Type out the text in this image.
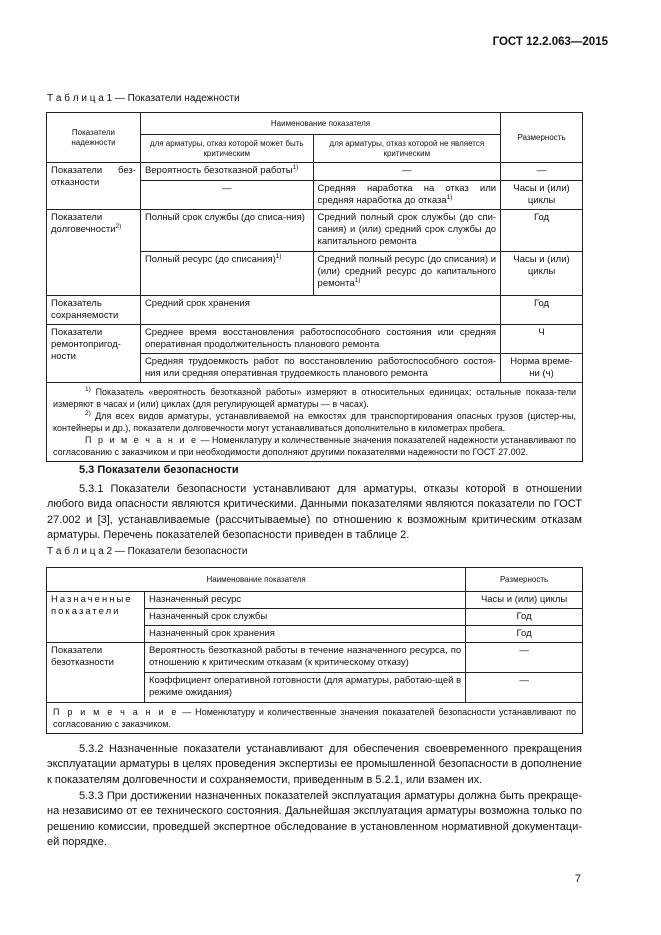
ГОСТ 12.2.063—2015
Т а б л и ц а 1 — Показатели надежности
Показатели надежности	Наименование показателя		Размерность
	для арматуры, отказ которой может быть критическим	для арматуры, отказ которой не является критическим	
Показатели без-отказности	Вероятность безотказной работы$^{1)}$	—	—
	—	Средняя наработка на отказ или средняя наработка до отказа$^{1)}$	Часы и (или) циклы
Показатели долговечности$^{2)}$	Полный срок службы (до списа-ния)	Средний полный срок службы (до спи-сания) и (или) средний срок службы до капитального ремонта	Год
	Полный ресурс (до списания)$^{1)}$	Средний полный ресурс (до списания) и (или) средний ресурс до капитального ремонта$^{1)}$	Часы и (или) циклы
Показатель сохраняемости	Средний срок хранения		Год
Показатели ремонтопригод-ности	Среднее время восстановления работоспособного состояния или средняя оперативная продолжительность планового ремонта		Ч
	Средняя трудоемкость работ по восстановлению работоспособного состоя-ния или средняя оперативная трудоемкость планового ремонта		Норма време-ни (ч)

$^{1)}$ Показатель «вероятность безотказной работы» измеряют в относительных единицах; остальные показа-тели измеряют в часах и (или) циклах (для регулирующей арматуры — в часах).

$^{2)}$ Для всех видов арматуры, устанавливаемой на емкостях для транспортирования опасных грузов (цистер-ны, контейнеры и др.), показатели долговечности могут устанавливаться дополнительно в километрах пробега.

П р и м е ч а н и е — Номенклатуру и количественные значения показателей надежности устанавливают по согласованию с заказчиком и при необходимости дополняют другими показателями надежности по ГОСТ 27.002.			

5.3 Показатели безопасности

5.3.1 Показатели безопасности устанавливают для арматуры, отказы которой в отношении любого вида опасности являются критическими. Данными показателями являются показатели по ГОСТ 27.002 и [3], устанавливаемые (рассчитываемые) по отношению к возможным критическим отказам арматуры. Перечень показателей безопасности приведен в таблице 2.

Т а б л и ц а 2 — Показатели безопасности
Наименование показателя		Размерность
Назначенные показатели	Назначенный ресурс	Часы и (или) циклы
	Назначенный срок службы	Год
	Назначенный срок хранения	Год
Показатели безотказности	Вероятность безотказной работы в течение назначенного ресурса, по отношению к критическим отказам (к критическому отказу)	—
	Коэффициент оперативной готовности (для арматуры, работаю-щей в режиме ожидания)	—

П р и м е ч а н и е — Номенклатуру и количественные значения показателей безопасности устанавливают по согласованию с заказчиком.		

5.3.2 Назначенные показатели устанавливают для обеспечения своевременного прекращения эксплуатации арматуры в целях проведения экспертизы ее промышленной безопасности в дополнение к показателям долговечности и сохраняемости, приведенным в 5.2.1, или взамен их.

5.3.3 При достижении назначенных показателей эксплуатация арматуры должна быть прекраще-на независимо от ее технического состояния. Дальнейшая эксплуатация арматуры возможна только по решению комиссии, проведшей экспертное обследование в установленном нормативной документаци-ей порядке.

7
